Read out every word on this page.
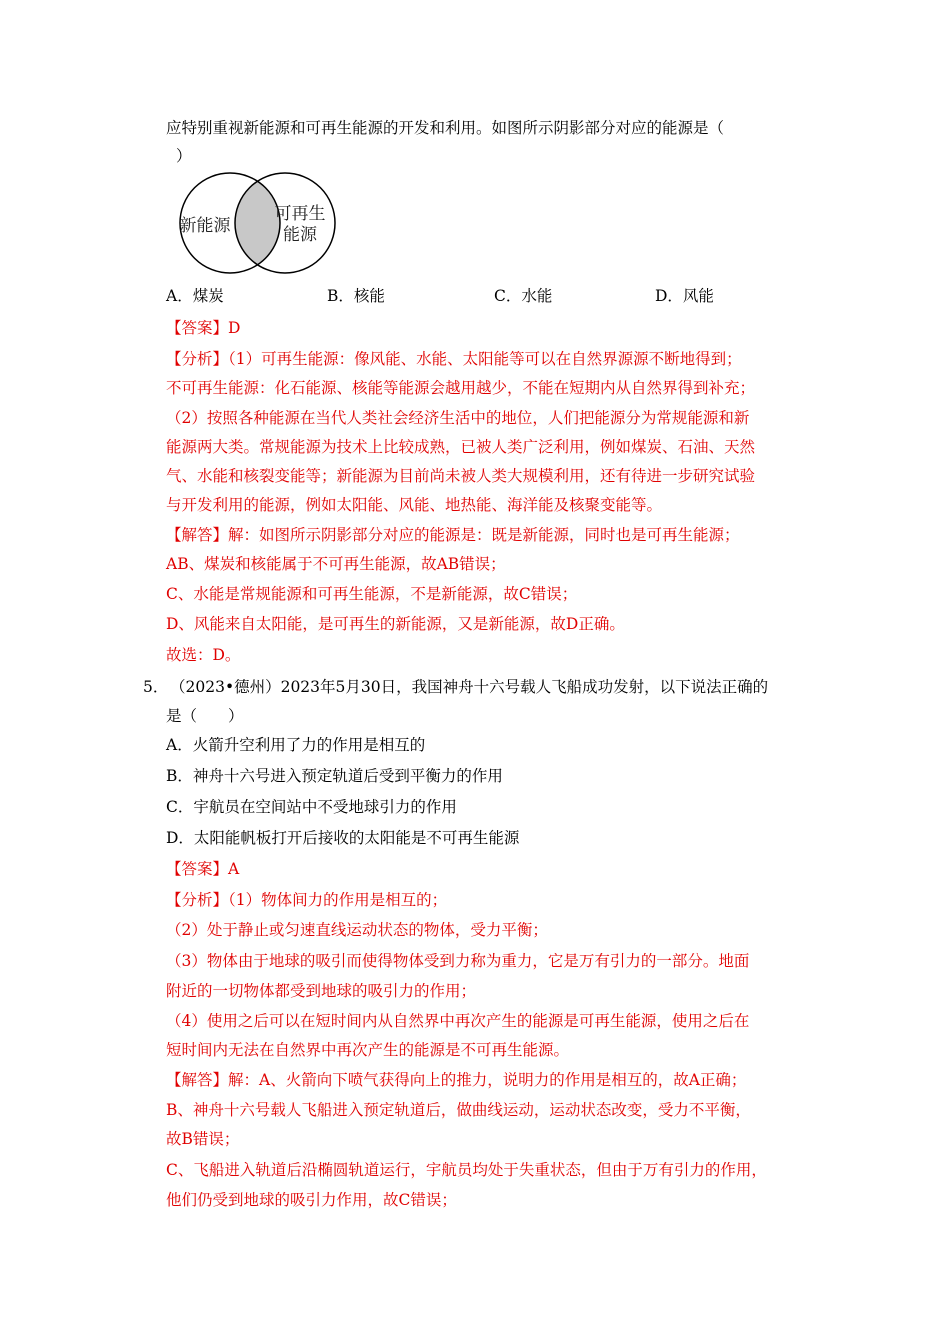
应特别重视新能源和可再生能源的开发和利用。如图所示阴影部分对应的能源是（
）
新能源
可再生
能源
A．煤炭	B．核能	C．水能	D．风能
【答案】D
【分析】（1）可再生能源：像风能、水能、太阳能等可以在自然界源源不断地得到；
不可再生能源：化石能源、核能等能源会越用越少，不能在短期内从自然界得到补充；
（2）按照各种能源在当代人类社会经济生活中的地位，人们把能源分为常规能源和新
能源两大类。常规能源为技术上比较成熟，已被人类广泛利用，例如煤炭、石油、天然
气、水能和核裂变能等；新能源为目前尚未被人类大规模利用，还有待进一步研究试验
与开发利用的能源，例如太阳能、风能、地热能、海洋能及核聚变能等。
【解答】解：如图所示阴影部分对应的能源是：既是新能源，同时也是可再生能源；
AB、煤炭和核能属于不可再生能源，故AB错误；
C、水能是常规能源和可再生能源，不是新能源，故C错误；
D、风能来自太阳能，是可再生的新能源，又是新能源，故D正确。
故选：D。
5． （2023•德州）2023年5月30日，我国神舟十六号载人飞船成功发射，以下说法正确的
是（　　）
A．火箭升空利用了力的作用是相互的
B．神舟十六号进入预定轨道后受到平衡力的作用
C．宇航员在空间站中不受地球引力的作用
D．太阳能帆板打开后接收的太阳能是不可再生能源
【答案】A
【分析】（1）物体间力的作用是相互的；
（2）处于静止或匀速直线运动状态的物体，受力平衡；
（3）物体由于地球的吸引而使得物体受到力称为重力，它是万有引力的一部分。地面
附近的一切物体都受到地球的吸引力的作用；
（4）使用之后可以在短时间内从自然界中再次产生的能源是可再生能源，使用之后在
短时间内无法在自然界中再次产生的能源是不可再生能源。
【解答】解：A、火箭向下喷气获得向上的推力，说明力的作用是相互的，故A正确；
B、神舟十六号载人飞船进入预定轨道后，做曲线运动，运动状态改变，受力不平衡，
故B错误；
C、飞船进入轨道后沿椭圆轨道运行，宇航员均处于失重状态，但由于万有引力的作用，
他们仍受到地球的吸引力作用，故C错误；
